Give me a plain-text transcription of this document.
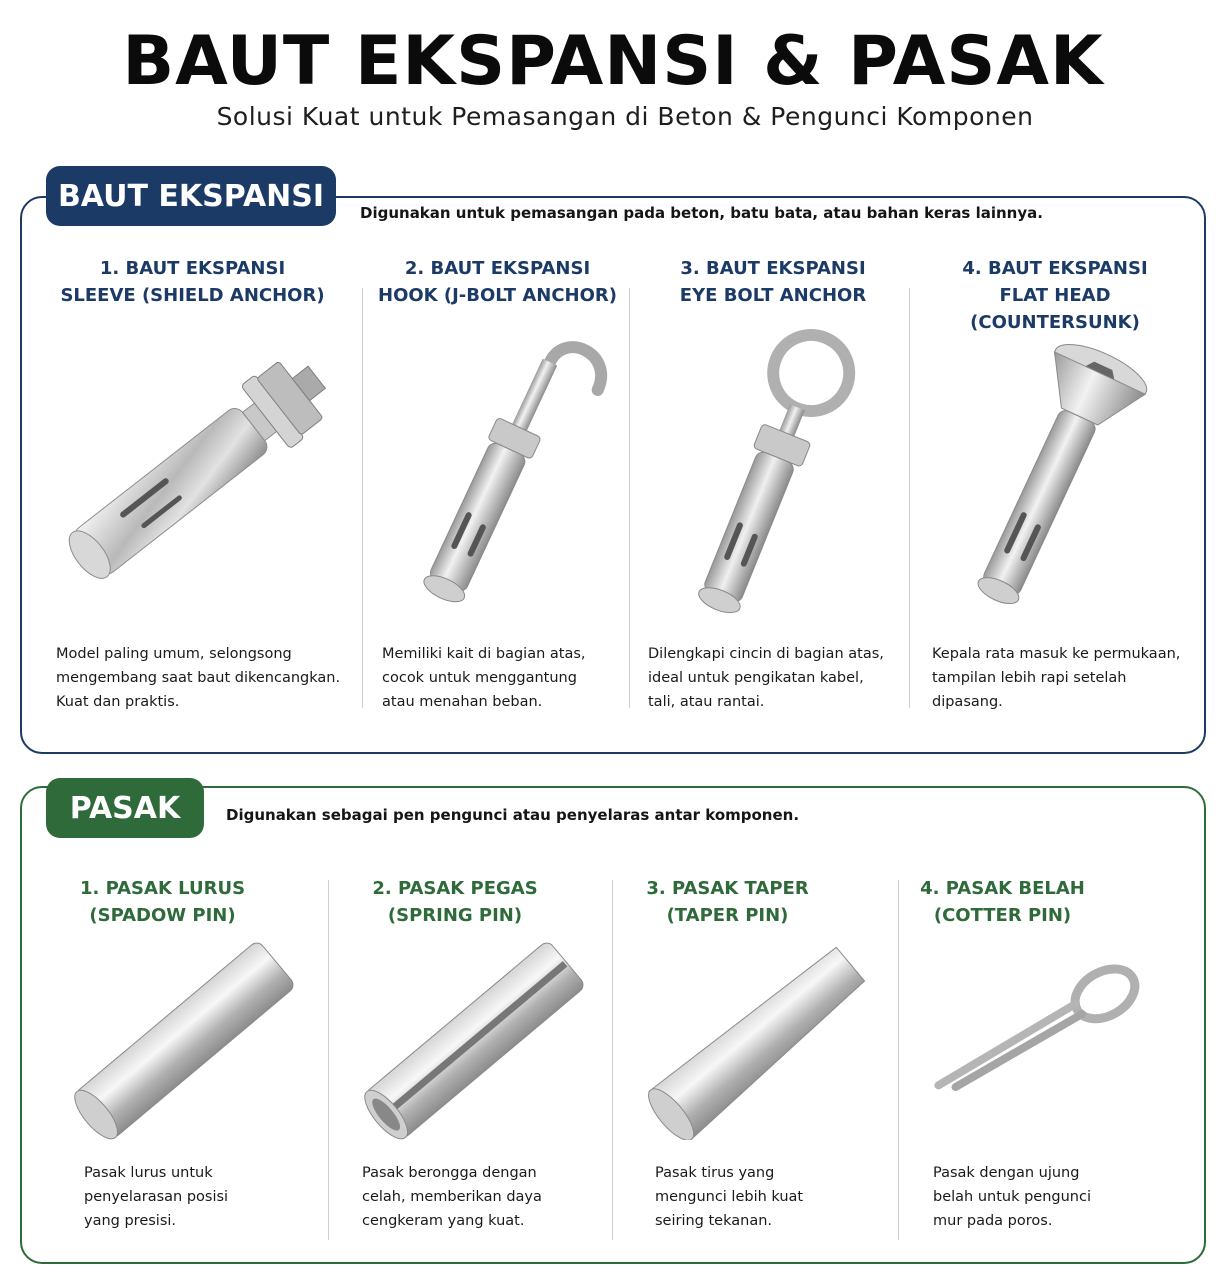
BAUT EKSPANSI & PASAK
Solusi Kuat untuk Pemasangan di Beton & Pengunci Komponen
BAUT EKSPANSI	Digunakan untuk pemasangan pada beton, batu bata, atau bahan keras lainnya.
1. BAUT EKSPANSI
SLEEVE (SHIELD ANCHOR)
2. BAUT EKSPANSI
HOOK (J-BOLT ANCHOR)
3. BAUT EKSPANSI
EYE BOLT ANCHOR
4. BAUT EKSPANSI
FLAT HEAD (COUNTERSUNK)
Model paling umum, selongsong
mengembang saat baut dikencangkan.
Kuat dan praktis.
Memiliki kait di bagian atas,
cocok untuk menggantung
atau menahan beban.
Dilengkapi cincin di bagian atas,
ideal untuk pengikatan kabel,
tali, atau rantai.
Kepala rata masuk ke permukaan,
tampilan lebih rapi setelah
dipasang.
PASAK	Digunakan sebagai pen pengunci atau penyelaras antar komponen.
1. PASAK LURUS
(SPADOW PIN)
2. PASAK PEGAS
(SPRING PIN)
3. PASAK TAPER
(TAPER PIN)
4. PASAK BELAH
(COTTER PIN)
Pasak lurus untuk
penyelarasan posisi
yang presisi.
Pasak berongga dengan
celah, memberikan daya
cengkeram yang kuat.
Pasak tirus yang
mengunci lebih kuat
seiring tekanan.
Pasak dengan ujung
belah untuk pengunci
mur pada poros.
